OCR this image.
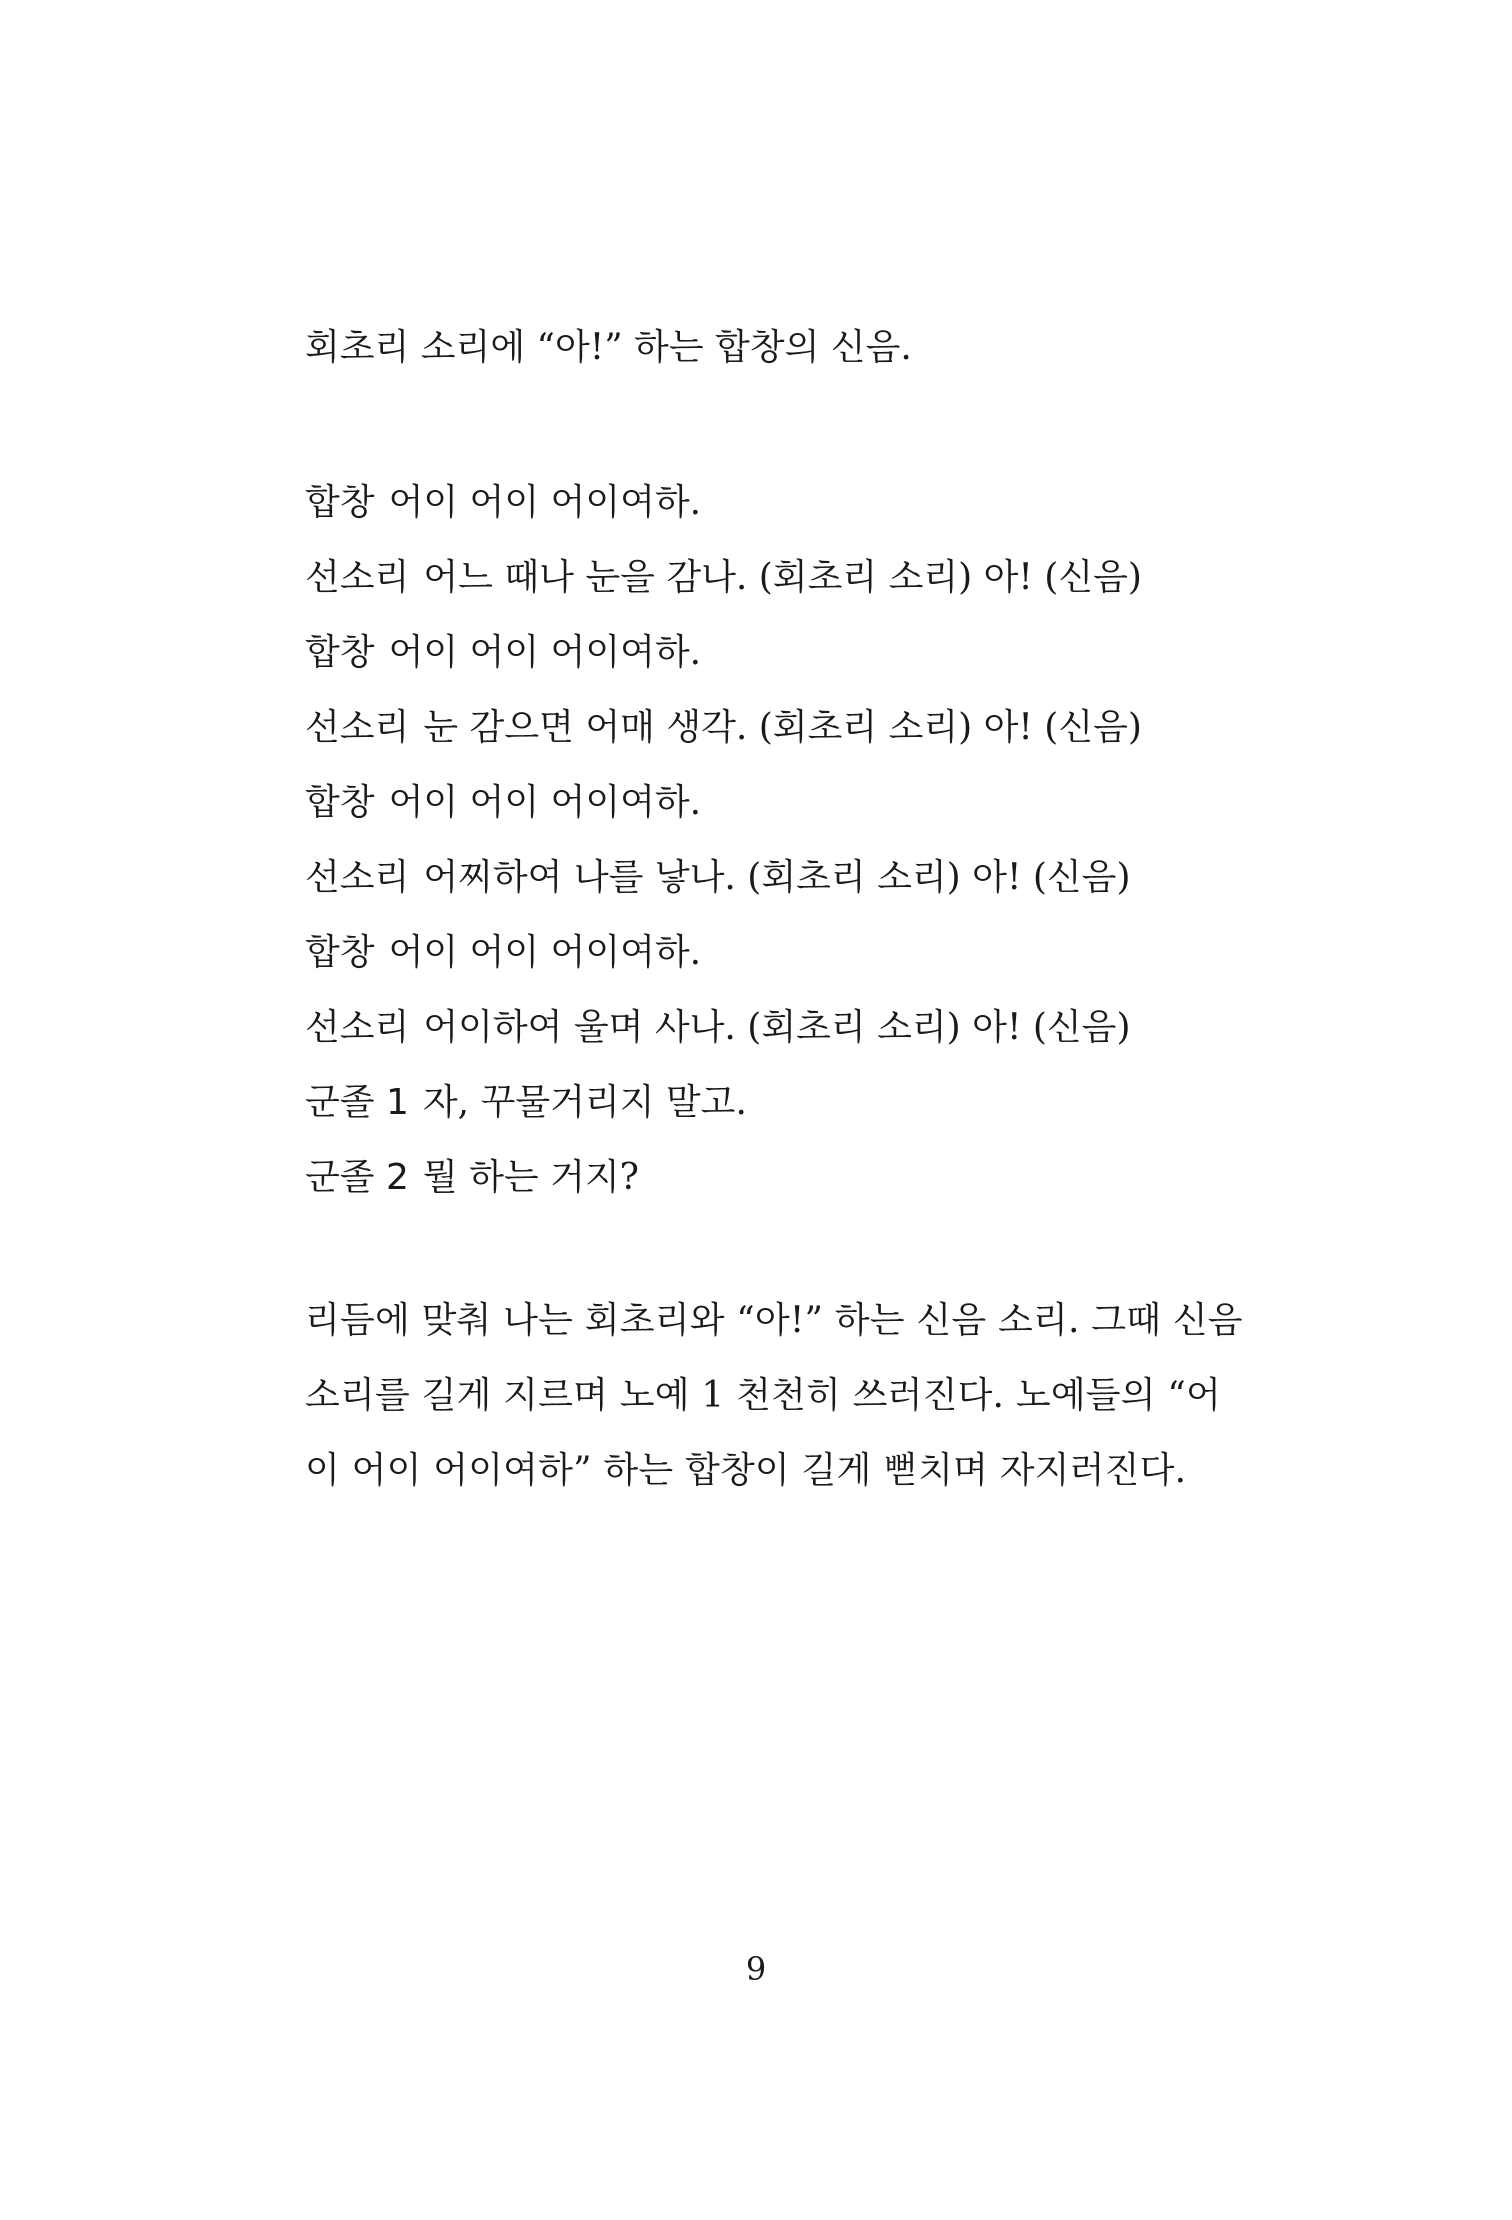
회초리 소리에 “아!” 하는 합창의 신음.
합창 어이 어이 어이여하.
선소리 어느 때나 눈을 감나. (회초리 소리) 아! (신음)
합창 어이 어이 어이여하.
선소리 눈 감으면 어매 생각. (회초리 소리) 아! (신음)
합창 어이 어이 어이여하.
선소리 어찌하여 나를 낳나. (회초리 소리) 아! (신음)
합창 어이 어이 어이여하.
선소리 어이하여 울며 사나. (회초리 소리) 아! (신음)
군졸 1 자, 꾸물거리지 말고.
군졸 2 뭘 하는 거지?
리듬에 맞춰 나는 회초리와 “아!” 하는 신음 소리. 그때 신음
소리를 길게 지르며 노예 1 천천히 쓰러진다. 노예들의 “어
이 어이 어이여하” 하는 합창이 길게 뻗치며 자지러진다.
9
